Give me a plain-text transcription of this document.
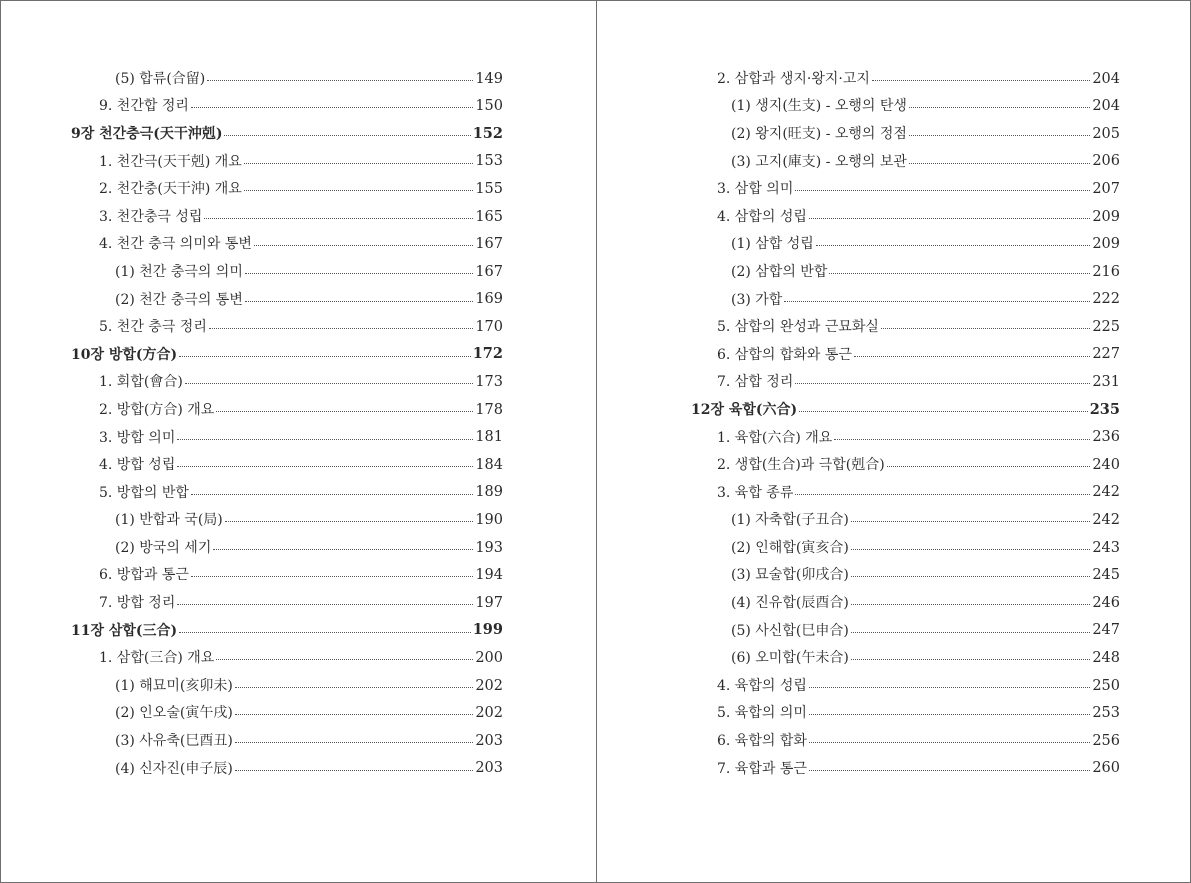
(5) 합류(合留)	149
9. 천간합 정리	150
9장 천간충극(天干沖剋)	152
1. 천간극(天干剋) 개요	153
2. 천간충(天干沖) 개요	155
3. 천간충극 성립	165
4. 천간 충극 의미와 통변	167
(1) 천간 충극의 의미	167
(2) 천간 충극의 통변	169
5. 천간 충극 정리	170
10장 방합(方合)	172
1. 회합(會合)	173
2. 방합(方合) 개요	178
3. 방합 의미	181
4. 방합 성립	184
5. 방합의 반합	189
(1) 반합과 국(局)	190
(2) 방국의 세기	193
6. 방합과 통근	194
7. 방합 정리	197
11장 삼합(三合)	199
1. 삼합(三合) 개요	200
(1) 해묘미(亥卯未)	202
(2) 인오술(寅午戌)	202
(3) 사유축(巳酉丑)	203
(4) 신자진(申子辰)	203
2. 삼합과 생지·왕지·고지	204
(1) 생지(生支) - 오행의 탄생	204
(2) 왕지(旺支) - 오행의 정점	205
(3) 고지(庫支) - 오행의 보관	206
3. 삼합 의미	207
4. 삼합의 성립	209
(1) 삼합 성립	209
(2) 삼합의 반합	216
(3) 가합	222
5. 삼합의 완성과 근묘화실	225
6. 삼합의 합화와 통근	227
7. 삼합 정리	231
12장 육합(六合)	235
1. 육합(六合) 개요	236
2. 생합(生合)과 극합(剋合)	240
3. 육합 종류	242
(1) 자축합(子丑合)	242
(2) 인해합(寅亥合)	243
(3) 묘술합(卯戌合)	245
(4) 진유합(辰酉合)	246
(5) 사신합(巳申合)	247
(6) 오미합(午未合)	248
4. 육합의 성립	250
5. 육합의 의미	253
6. 육합의 합화	256
7. 육합과 통근	260
